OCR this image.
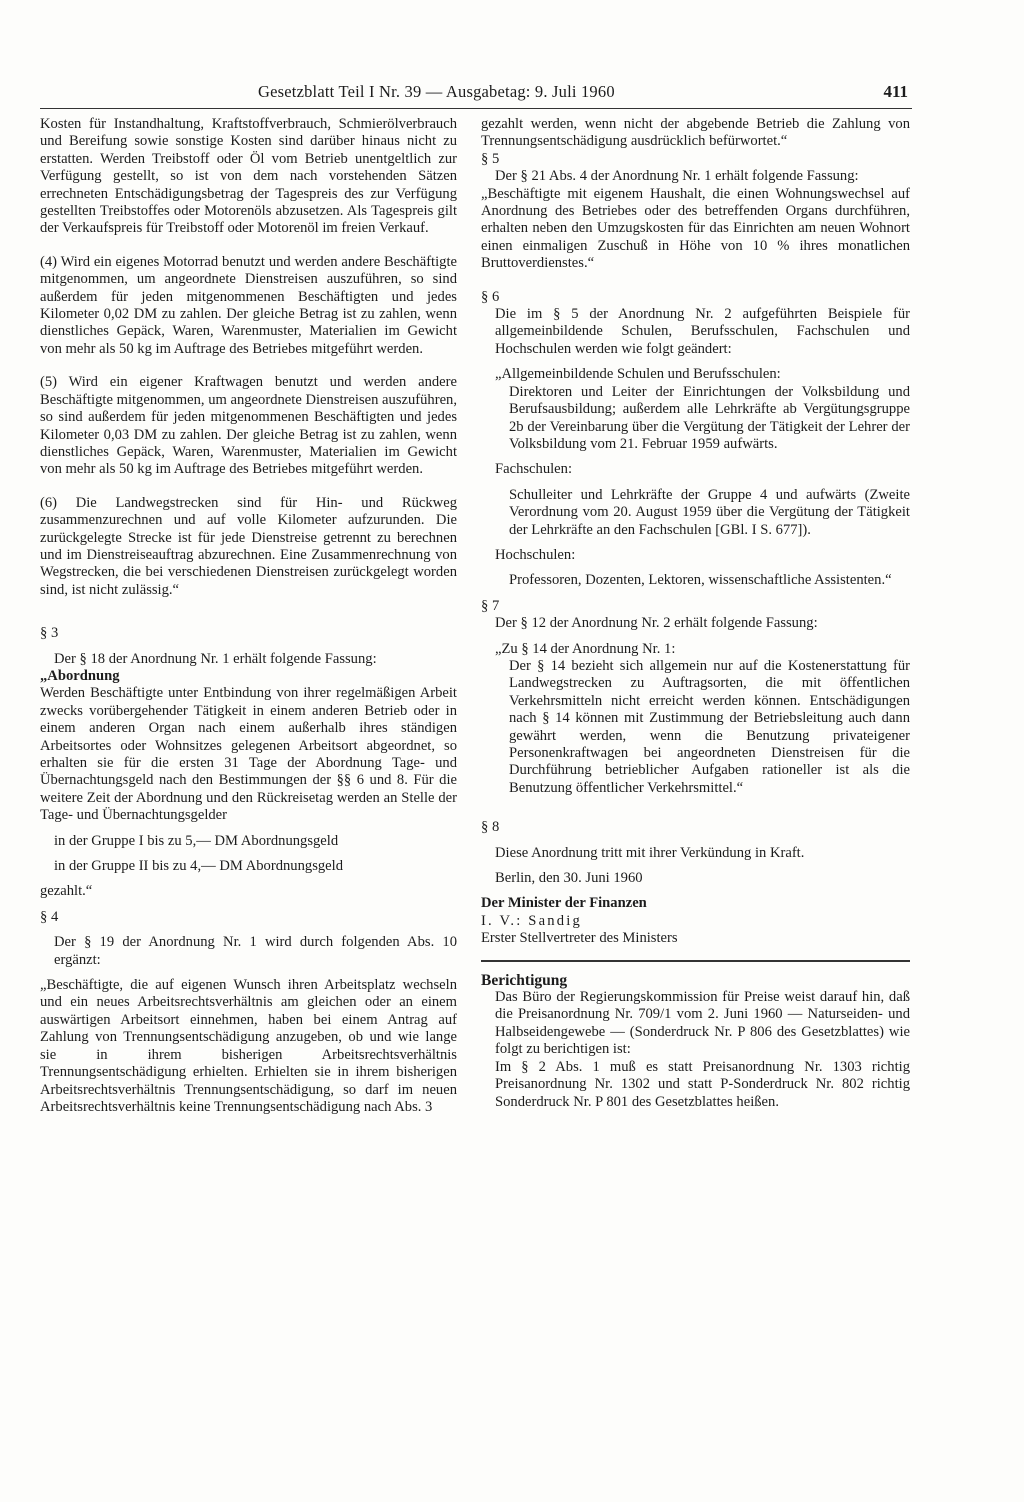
Gesetzblatt Teil I Nr. 39 — Ausgabetag: 9. Juli 1960	411

Kosten für Instandhaltung, Kraftstoffverbrauch, Schmierölverbrauch und Bereifung sowie sonstige Kosten sind darüber hinaus nicht zu erstatten. Werden Treibstoff oder Öl vom Betrieb unentgeltlich zur Verfügung gestellt, so ist von dem nach vorstehenden Sätzen errechneten Entschädigungsbetrag der Tagespreis des zur Verfügung gestellten Treibstoffes oder Motorenöls abzusetzen. Als Tagespreis gilt der Verkaufspreis für Treibstoff oder Motorenöl im freien Verkauf.

(4) Wird ein eigenes Motorrad benutzt und werden andere Beschäftigte mitgenommen, um angeordnete Dienstreisen auszuführen, so sind außerdem für jeden mitgenommenen Beschäftigten und jedes Kilometer 0,02 DM zu zahlen. Der gleiche Betrag ist zu zahlen, wenn dienstliches Gepäck, Waren, Warenmuster, Materialien im Gewicht von mehr als 50 kg im Auftrage des Betriebes mitgeführt werden.

(5) Wird ein eigener Kraftwagen benutzt und werden andere Beschäftigte mitgenommen, um angeordnete Dienstreisen auszuführen, so sind außerdem für jeden mitgenommenen Beschäftigten und jedes Kilometer 0,03 DM zu zahlen. Der gleiche Betrag ist zu zahlen, wenn dienstliches Gepäck, Waren, Warenmuster, Materialien im Gewicht von mehr als 50 kg im Auftrage des Betriebes mitgeführt werden.

(6) Die Landwegstrecken sind für Hin- und Rückweg zusammenzurechnen und auf volle Kilometer aufzurunden. Die zurückgelegte Strecke ist für jede Dienstreise getrennt zu berechnen und im Dienstreiseauftrag abzurechnen. Eine Zusammenrechnung von Wegstrecken, die bei verschiedenen Dienstreisen zurückgelegt worden sind, ist nicht zulässig.“

§ 3

Der § 18 der Anordnung Nr. 1 erhält folgende Fassung:

„Abordnung

Werden Beschäftigte unter Entbindung von ihrer regelmäßigen Arbeit zwecks vorübergehender Tätigkeit in einem anderen Betrieb oder in einem anderen Organ nach einem außerhalb ihres ständigen Arbeitsortes oder Wohnsitzes gelegenen Arbeitsort abgeordnet, so erhalten sie für die ersten 31 Tage der Abordnung Tage- und Übernachtungsgeld nach den Bestimmungen der §§ 6 und 8. Für die weitere Zeit der Abordnung und den Rückreisetag werden an Stelle der Tage- und Übernachtungsgelder

in der Gruppe I bis zu 5,— DM Abordnungsgeld

in der Gruppe II bis zu 4,— DM Abordnungsgeld

gezahlt.“

§ 4

Der § 19 der Anordnung Nr. 1 wird durch folgenden Abs. 10 ergänzt:

„Beschäftigte, die auf eigenen Wunsch ihren Arbeitsplatz wechseln und ein neues Arbeitsrechtsverhältnis am gleichen oder an einem auswärtigen Arbeitsort einnehmen, haben bei einem Antrag auf Zahlung von Trennungsentschädigung anzugeben, ob und wie lange sie in ihrem bisherigen Arbeitsrechtsverhältnis Trennungsentschädigung erhielten. Erhielten sie in ihrem bisherigen Arbeitsrechtsverhältnis Trennungsentschädigung, so darf im neuen Arbeitsrechtsverhältnis keine Trennungsentschädigung nach Abs. 3

gezahlt werden, wenn nicht der abgebende Betrieb die Zahlung von Trennungsentschädigung ausdrücklich befürwortet.“

§ 5

Der § 21 Abs. 4 der Anordnung Nr. 1 erhält folgende Fassung:

„Beschäftigte mit eigenem Haushalt, die einen Wohnungswechsel auf Anordnung des Betriebes oder des betreffenden Organs durchführen, erhalten neben den Umzugskosten für das Einrichten am neuen Wohnort einen einmaligen Zuschuß in Höhe von 10 % ihres monatlichen Bruttoverdienstes.“

§ 6

Die im § 5 der Anordnung Nr. 2 aufgeführten Beispiele für allgemeinbildende Schulen, Berufsschulen, Fachschulen und Hochschulen werden wie folgt geändert:

„Allgemeinbildende Schulen und Berufsschulen:

Direktoren und Leiter der Einrichtungen der Volksbildung und Berufsausbildung; außerdem alle Lehrkräfte ab Vergütungsgruppe 2b der Vereinbarung über die Vergütung der Tätigkeit der Lehrer der Volksbildung vom 21. Februar 1959 aufwärts.

Fachschulen:

Schulleiter und Lehrkräfte der Gruppe 4 und aufwärts (Zweite Verordnung vom 20. August 1959 über die Vergütung der Tätigkeit der Lehrkräfte an den Fachschulen [GBl. I S. 677]).

Hochschulen:

Professoren, Dozenten, Lektoren, wissenschaftliche Assistenten.“

§ 7

Der § 12 der Anordnung Nr. 2 erhält folgende Fassung:

„Zu § 14 der Anordnung Nr. 1:

Der § 14 bezieht sich allgemein nur auf die Kostenerstattung für Landwegstrecken zu Auftragsorten, die mit öffentlichen Verkehrsmitteln nicht erreicht werden können. Entschädigungen nach § 14 können mit Zustimmung der Betriebsleitung auch dann gewährt werden, wenn die Benutzung privateigener Personenkraftwagen bei angeordneten Dienstreisen für die Durchführung betrieblicher Aufgaben rationeller ist als die Benutzung öffentlicher Verkehrsmittel.“

§ 8

Diese Anordnung tritt mit ihrer Verkündung in Kraft.

Berlin, den 30. Juni 1960

Der Minister der Finanzen

I. V.: Sandig

Erster Stellvertreter des Ministers

Berichtigung

Das Büro der Regierungskommission für Preise weist darauf hin, daß die Preisanordnung Nr. 709/1 vom 2. Juni 1960 — Naturseiden- und Halbseidengewebe — (Sonderdruck Nr. P 806 des Gesetzblattes) wie folgt zu berichtigen ist:

Im § 2 Abs. 1 muß es statt Preisanordnung Nr. 1303 richtig Preisanordnung Nr. 1302 und statt P-Sonderdruck Nr. 802 richtig Sonderdruck Nr. P 801 des Gesetzblattes heißen.
